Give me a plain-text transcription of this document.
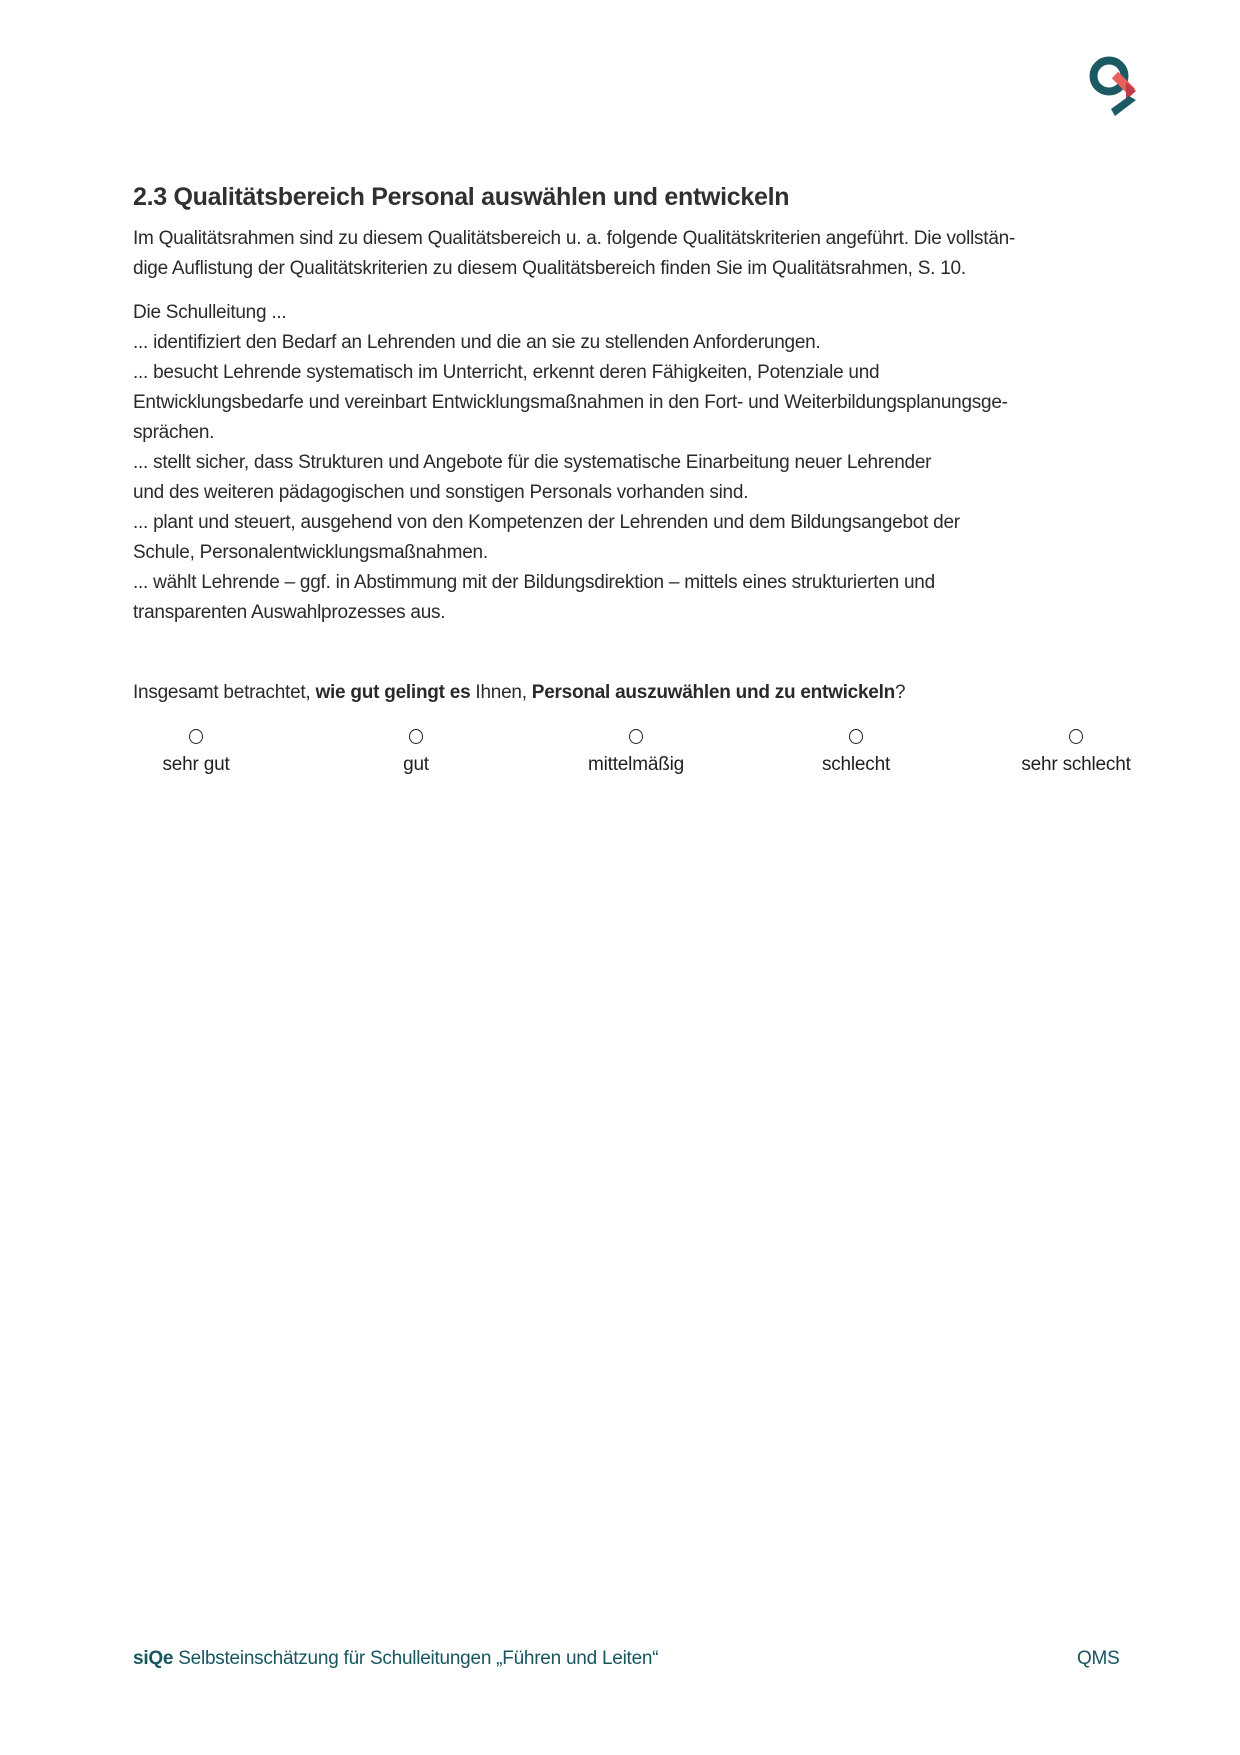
2.3 Qualitätsbereich Personal auswählen und entwickeln
Im Qualitätsrahmen sind zu diesem Qualitätsbereich u. a. folgende Qualitätskriterien angeführt. Die vollstän-
dige Auflistung der Qualitätskriterien zu diesem Qualitätsbereich finden Sie im Qualitätsrahmen, S. 10.
Die Schulleitung ...
... identifiziert den Bedarf an Lehrenden und die an sie zu stellenden Anforderungen.
... besucht Lehrende systematisch im Unterricht, erkennt deren Fähigkeiten, Potenziale und
Entwicklungsbedarfe und vereinbart Entwicklungsmaßnahmen in den Fort- und Weiterbildungsplanungsge-
sprächen.
... stellt sicher, dass Strukturen und Angebote für die systematische Einarbeitung neuer Lehrender
und des weiteren pädagogischen und sonstigen Personals vorhanden sind.
... plant und steuert, ausgehend von den Kompetenzen der Lehrenden und dem Bildungsangebot der
Schule, Personalentwicklungsmaßnahmen.
... wählt Lehrende – ggf. in Abstimmung mit der Bildungsdirektion – mittels eines strukturierten und
transparenten Auswahlprozesses aus.
Insgesamt betrachtet, wie gut gelingt es Ihnen, Personal auszuwählen und zu entwickeln?
sehr gut	gut	mittelmäßig	schlecht	sehr schlecht
siQe Selbsteinschätzung für Schulleitungen „Führen und Leiten“	QMS
